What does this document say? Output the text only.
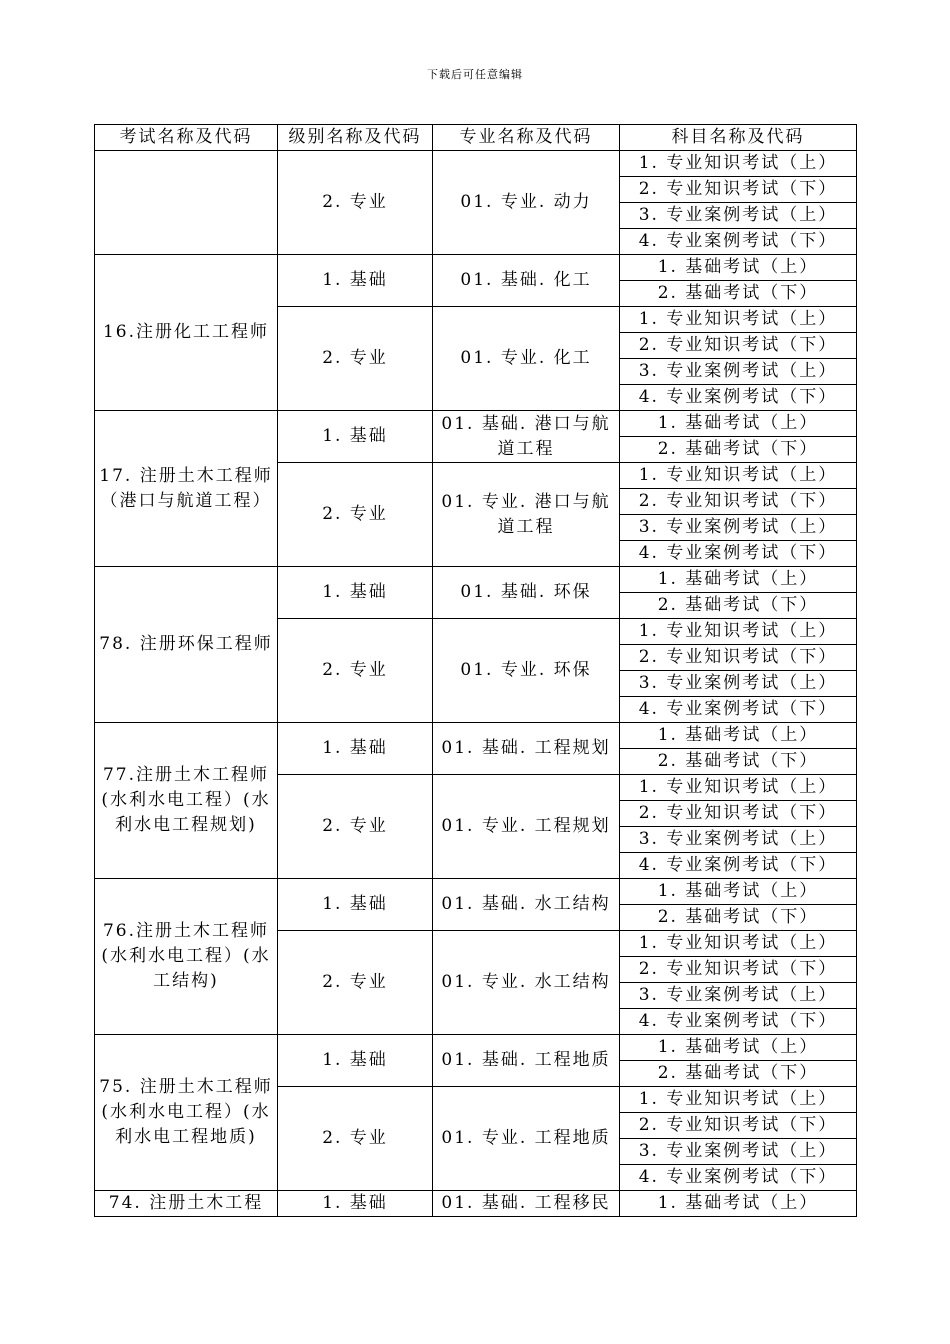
下载后可任意编辑
考试名称及代码	级别名称及代码	专业名称及代码	科目名称及代码
	2. 专业	01. 专业. 动力	1. 专业知识考试（上）
			2. 专业知识考试（下）
			3. 专业案例考试（上）
			4. 专业案例考试（下）
16.注册化工工程师	1. 基础	01. 基础. 化工	1. 基础考试（上）
			2. 基础考试（下）
	2. 专业	01. 专业. 化工	1. 专业知识考试（上）
			2. 专业知识考试（下）
			3. 专业案例考试（上）
			4. 专业案例考试（下）
17. 注册土木工程师（港口与航道工程）	1. 基础	01. 基础. 港口与航道工程	1. 基础考试（上）
			2. 基础考试（下）
	2. 专业	01. 专业. 港口与航道工程	1. 专业知识考试（上）
			2. 专业知识考试（下）
			3. 专业案例考试（上）
			4. 专业案例考试（下）
78. 注册环保工程师	1. 基础	01. 基础. 环保	1. 基础考试（上）
			2. 基础考试（下）
	2. 专业	01. 专业. 环保	1. 专业知识考试（上）
			2. 专业知识考试（下）
			3. 专业案例考试（上）
			4. 专业案例考试（下）
77.注册土木工程师(水利水电工程）(水利水电工程规划)	1. 基础	01. 基础. 工程规划	1. 基础考试（上）
			2. 基础考试（下）
	2. 专业	01. 专业. 工程规划	1. 专业知识考试（上）
			2. 专业知识考试（下）
			3. 专业案例考试（上）
			4. 专业案例考试（下）
76.注册土木工程师(水利水电工程）(水工结构)	1. 基础	01. 基础. 水工结构	1. 基础考试（上）
			2. 基础考试（下）
	2. 专业	01. 专业. 水工结构	1. 专业知识考试（上）
			2. 专业知识考试（下）
			3. 专业案例考试（上）
			4. 专业案例考试（下）
75. 注册土木工程师(水利水电工程）(水利水电工程地质)	1. 基础	01. 基础. 工程地质	1. 基础考试（上）
			2. 基础考试（下）
	2. 专业	01. 专业. 工程地质	1. 专业知识考试（上）
			2. 专业知识考试（下）
			3. 专业案例考试（上）
			4. 专业案例考试（下）
74. 注册土木工程	1. 基础	01. 基础. 工程移民	1. 基础考试（上）
